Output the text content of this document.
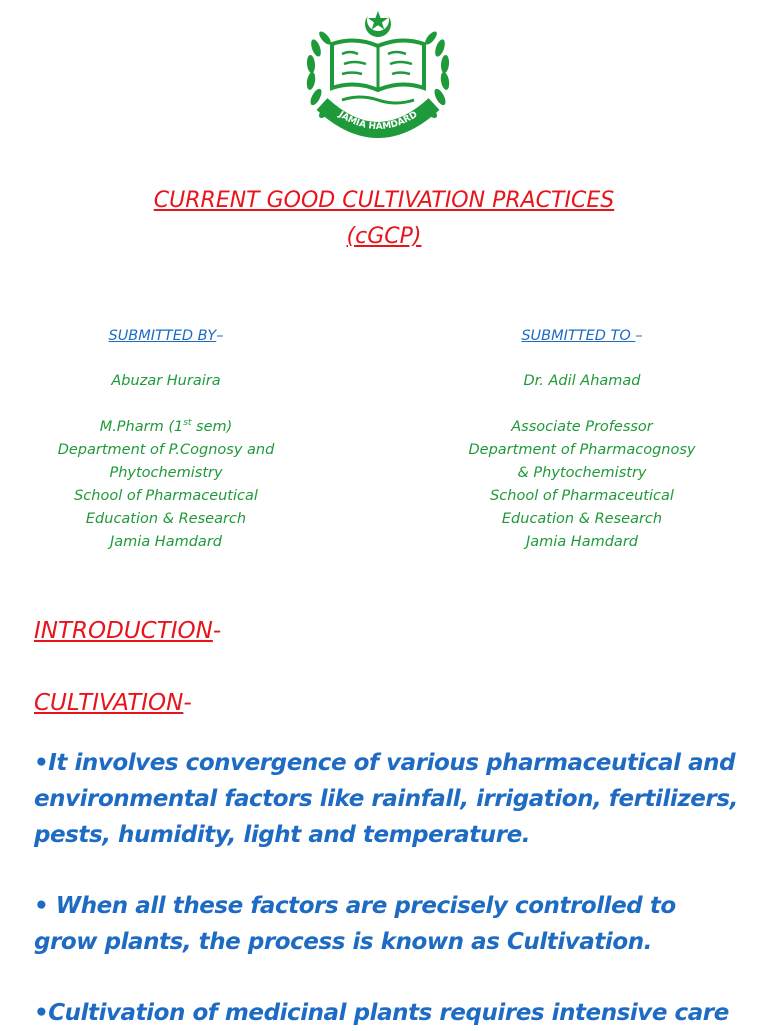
JAMIA HAMDARD
CURRENT GOOD CULTIVATION PRACTICES
(cGCP)
SUBMITTED BY–
Abuzar Huraira
M.Pharm (1st sem)
Department of P.Cognosy and
Phytochemistry
School of Pharmaceutical
Education & Research
Jamia Hamdard
SUBMITTED TO –
Dr. Adil Ahamad
Associate Professor
Department of Pharmacognosy
& Phytochemistry
School of Pharmaceutical
Education & Research
Jamia Hamdard
INTRODUCTION-
CULTIVATION-
•It involves convergence of various pharmaceutical and environmental factors like rainfall, irrigation, fertilizers, pests, humidity, light and temperature.
• When all these factors are precisely controlled to grow plants, the process is known as Cultivation.
•Cultivation of medicinal plants requires intensive care
